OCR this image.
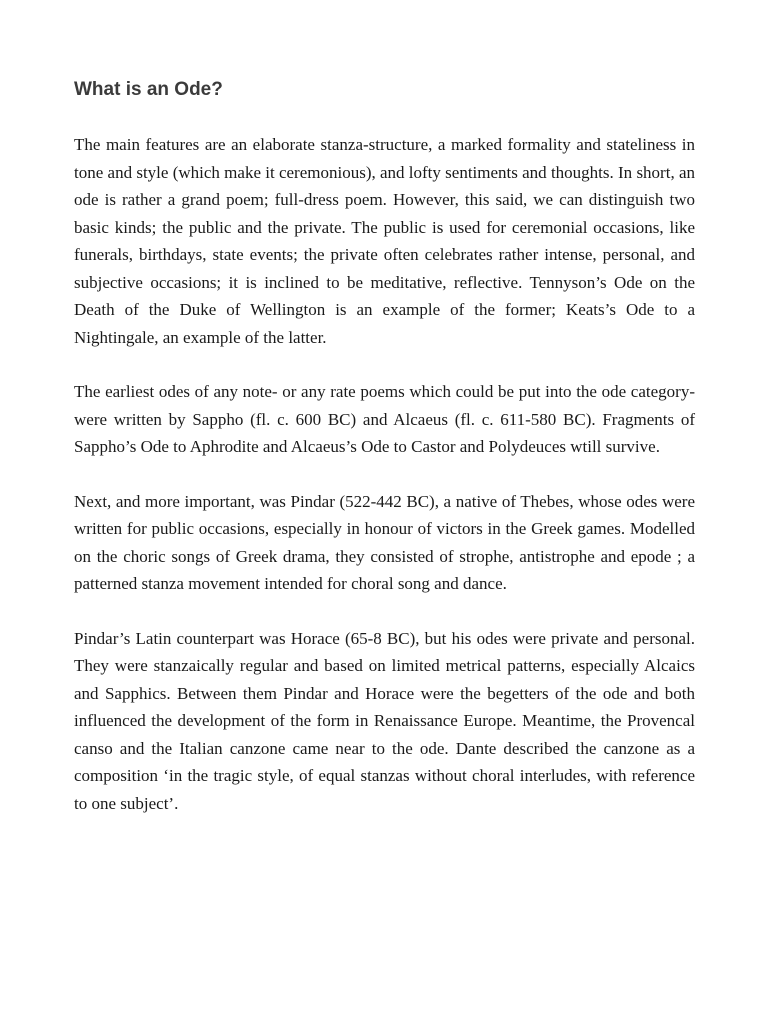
What is an Ode?

The main features are an elaborate stanza-structure, a marked formality and stateliness in tone and style (which make it ceremonious), and lofty sentiments and thoughts. In short, an ode is rather a grand poem; full-dress poem. However, this said, we can distinguish two basic kinds; the public and the private. The public is used for ceremonial occasions, like funerals, birthdays, state events; the private often celebrates rather intense, personal, and subjective occasions; it is inclined to be meditative, reflective. Tennyson’s Ode on the Death of the Duke of Wellington is an example of the former; Keats’s Ode to a Nightingale, an example of the latter.

The earliest odes of any note- or any rate poems which could be put into the ode category- were written by Sappho (fl. c. 600 BC) and Alcaeus (fl. c. 611-580 BC). Fragments of Sappho’s Ode to Aphrodite and Alcaeus’s Ode to Castor and Polydeuces wtill survive.

Next, and more important, was Pindar (522-442 BC), a native of Thebes, whose odes were written for public occasions, especially in honour of victors in the Greek games. Modelled on the choric songs of Greek drama, they consisted of strophe, antistrophe and epode ; a patterned stanza movement intended for choral song and dance.

Pindar’s Latin counterpart was Horace (65-8 BC), but his odes were private and personal. They were stanzaically regular and based on limited metrical patterns, especially Alcaics and Sapphics. Between them Pindar and Horace were the begetters of the ode and both influenced the development of the form in Renaissance Europe. Meantime, the Provencal canso and the Italian canzone came near to the ode. Dante described the canzone as a composition ‘in the tragic style, of equal stanzas without choral interludes, with reference to one subject’.
